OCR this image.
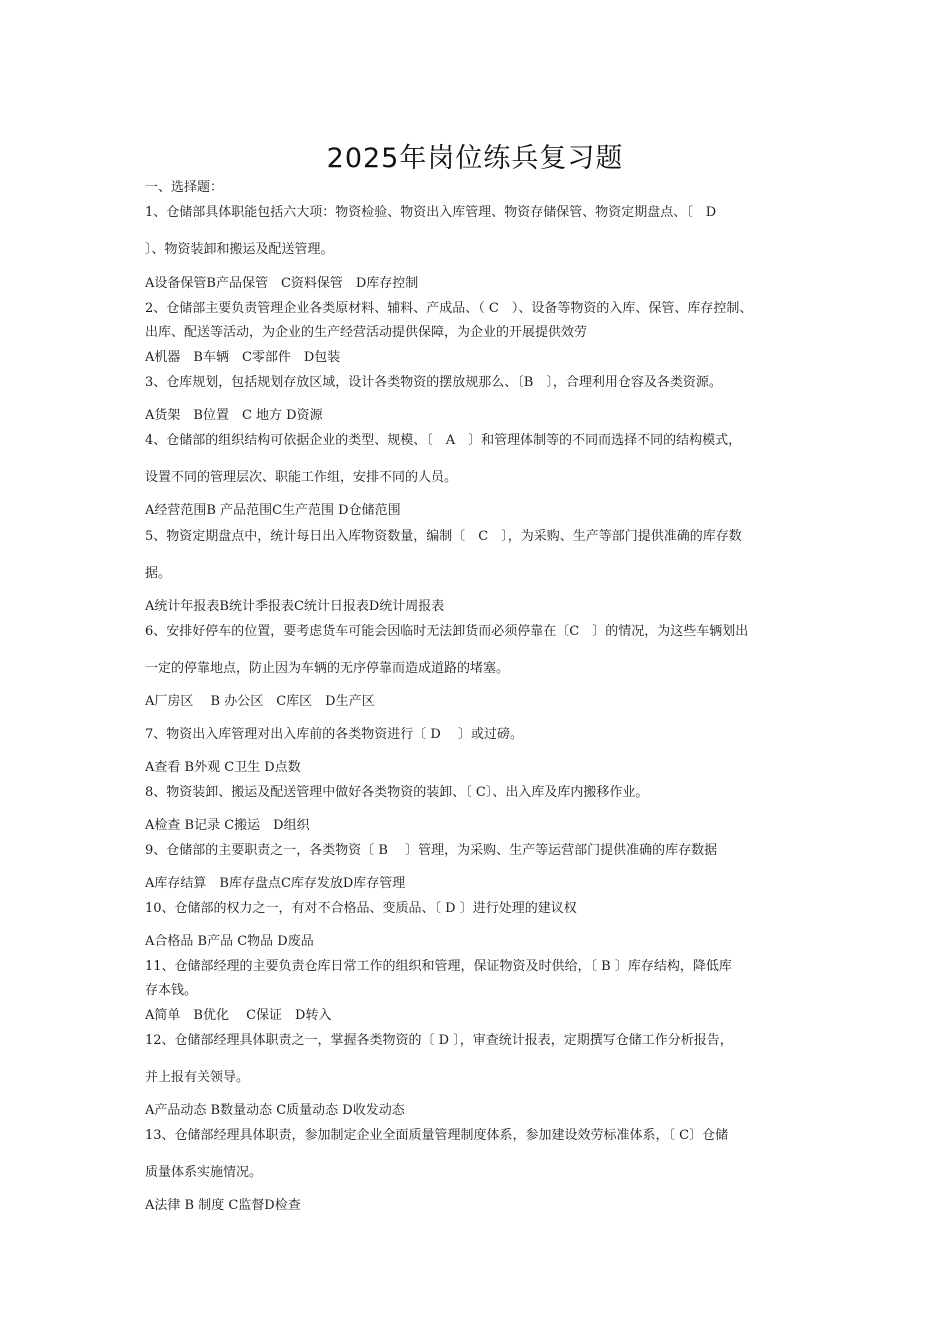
2025年岗位练兵复习题
一、选择题：
1、仓储部具体职能包括六大项：物资检验、物资出入库管理、物资存储保管、物资定期盘点、〔　D
〕、物资装卸和搬运及配送管理。
A设备保管B产品保管　C资料保管　D库存控制
2、仓储部主要负责管理企业各类原材料、辅料、产成品、（ C　）、设备等物资的入库、保管、库存控制、
出库、配送等活动，为企业的生产经营活动提供保障，为企业的开展提供效劳
A机器　B车辆　C零部件　D包装
3、仓库规划，包括规划存放区域，设计各类物资的摆放规那么、〔B　〕，合理利用仓容及各类资源。
A货架　B位置　C 地方 D资源
4、仓储部的组织结构可依据企业的类型、规模、〔　A　〕和管理体制等的不同而选择不同的结构模式，
设置不同的管理层次、职能工作组，安排不同的人员。
A经营范围B 产品范围C生产范围 D仓储范围
5、物资定期盘点中，统计每日出入库物资数量，编制〔　C　〕，为采购、生产等部门提供准确的库存数
据。
A统计年报表B统计季报表C统计日报表D统计周报表
6、安排好停车的位置，要考虑货车可能会因临时无法卸货而必须停靠在〔C　〕的情况，为这些车辆划出
一定的停靠地点，防止因为车辆的无序停靠而造成道路的堵塞。
A厂房区　 B 办公区　C库区　D生产区
7、物资出入库管理对出入库前的各类物资进行〔 D　 〕或过磅。
A查看 B外观 C卫生 D点数
8、物资装卸、搬运及配送管理中做好各类物资的装卸、〔 C〕、出入库及库内搬移作业。
A检查 B记录 C搬运　D组织
9、仓储部的主要职责之一，各类物资〔 B　 〕管理，为采购、生产等运营部门提供准确的库存数据
A库存结算　B库存盘点C库存发放D库存管理
10、仓储部的权力之一，有对不合格品、变质品、〔 D 〕进行处理的建议权
A合格品 B产品 C物品 D废品
11、仓储部经理的主要负责仓库日常工作的组织和管理，保证物资及时供给，〔 B 〕库存结构，降低库
存本钱。
A简单　B优化　 C保证　D转入
12、仓储部经理具体职责之一，掌握各类物资的〔 D 〕，审查统计报表，定期撰写仓储工作分析报告，
并上报有关领导。
A产品动态 B数量动态 C质量动态 D收发动态
13、仓储部经理具体职责，参加制定企业全面质量管理制度体系，参加建设效劳标准体系，〔 C〕仓储
质量体系实施情况。
A法律 B 制度 C监督D检查
